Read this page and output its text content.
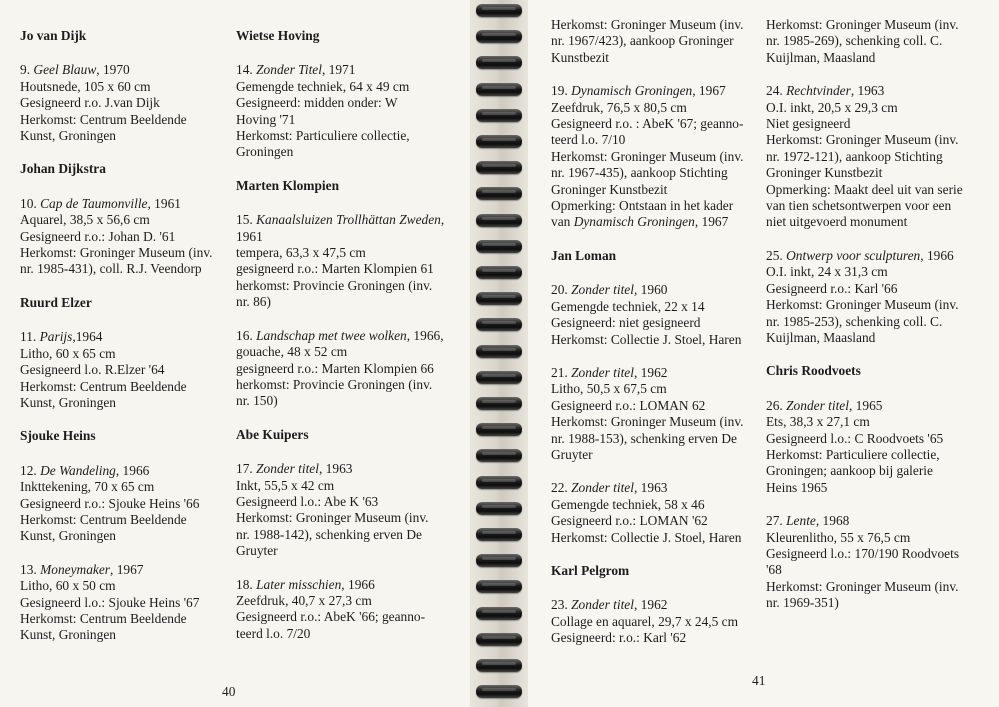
Jo van Dijk
9. Geel Blauw, 1970
Houtsnede, 105 x 60 cm
Gesigneerd r.o. J.van Dijk
Herkomst: Centrum Beeldende
Kunst, Groningen
Johan Dijkstra
10. Cap de Taumonville, 1961
Aquarel, 38,5 x 56,6 cm
Gesigneerd r.o.: Johan D. '61
Herkomst: Groninger Museum (inv.
nr. 1985-431), coll. R.J. Veendorp
Ruurd Elzer
11. Parijs,1964
Litho, 60 x 65 cm
Gesigneerd l.o. R.Elzer '64
Herkomst: Centrum Beeldende
Kunst, Groningen
Sjouke Heins
12. De Wandeling, 1966
Inkttekening, 70 x 65 cm
Gesigneerd r.o.: Sjouke Heins '66
Herkomst: Centrum Beeldende
Kunst, Groningen
13. Moneymaker, 1967
Litho, 60 x 50 cm
Gesigneerd l.o.: Sjouke Heins '67
Herkomst: Centrum Beeldende
Kunst, Groningen
Wietse Hoving
14. Zonder Titel, 1971
Gemengde techniek, 64 x 49 cm
Gesigneerd: midden onder: W
Hoving '71
Herkomst: Particuliere collectie,
Groningen
Marten Klompien
15. Kanaalsluizen Trollhättan Zweden,
1961
tempera, 63,3 x 47,5 cm
gesigneerd r.o.: Marten Klompien 61
herkomst: Provincie Groningen (inv.
nr. 86)
16. Landschap met twee wolken, 1966,
gouache, 48 x 52 cm
gesigneerd r.o.: Marten Klompien 66
herkomst: Provincie Groningen (inv.
nr. 150)
Abe Kuipers
17. Zonder titel, 1963
Inkt, 55,5 x 42 cm
Gesigneerd l.o.: Abe K '63
Herkomst: Groninger Museum (inv.
nr. 1988-142), schenking erven De
Gruyter
18. Later misschien, 1966
Zeefdruk, 40,7 x 27,3 cm
Gesigneerd r.o.: AbeK '66; geanno-
teerd l.o. 7/20
Herkomst: Groninger Museum (inv.
nr. 1967/423), aankoop Groninger
Kunstbezit
19. Dynamisch Groningen, 1967
Zeefdruk, 76,5 x 80,5 cm
Gesigneerd r.o. : AbeK '67; geanno-
teerd l.o. 7/10
Herkomst: Groninger Museum (inv.
nr. 1967-435), aankoop Stichting
Groninger Kunstbezit
Opmerking: Ontstaan in het kader
van Dynamisch Groningen, 1967
Jan Loman
20. Zonder titel, 1960
Gemengde techniek, 22 x 14
Gesigneerd: niet gesigneerd
Herkomst: Collectie J. Stoel, Haren
21. Zonder titel, 1962
Litho, 50,5 x 67,5 cm
Gesigneerd r.o.: LOMAN 62
Herkomst: Groninger Museum (inv.
nr. 1988-153), schenking erven De
Gruyter
22. Zonder titel, 1963
Gemengde techniek, 58 x 46
Gesigneerd r.o.: LOMAN '62
Herkomst: Collectie J. Stoel, Haren
Karl Pelgrom
23. Zonder titel, 1962
Collage en aquarel, 29,7 x 24,5 cm
Gesigneerd: r.o.: Karl '62
Herkomst: Groninger Museum (inv.
nr. 1985-269), schenking coll. C.
Kuijlman, Maasland
24. Rechtvinder, 1963
O.I. inkt, 20,5 x 29,3 cm
Niet gesigneerd
Herkomst: Groninger Museum (inv.
nr. 1972-121), aankoop Stichting
Groninger Kunstbezit
Opmerking: Maakt deel uit van serie
van tien schetsontwerpen voor een
niet uitgevoerd monument
25. Ontwerp voor sculpturen, 1966
O.I. inkt, 24 x 31,3 cm
Gesigneerd r.o.: Karl '66
Herkomst: Groninger Museum (inv.
nr. 1985-253), schenking coll. C.
Kuijlman, Maasland
Chris Roodvoets
26. Zonder titel, 1965
Ets, 38,3 x 27,1 cm
Gesigneerd l.o.: C Roodvoets '65
Herkomst: Particuliere collectie,
Groningen; aankoop bij galerie
Heins 1965
27. Lente, 1968
Kleurenlitho, 55 x 76,5 cm
Gesigneerd l.o.: 170/190 Roodvoets
'68
Herkomst: Groninger Museum (inv.
nr. 1969-351)
40
41
